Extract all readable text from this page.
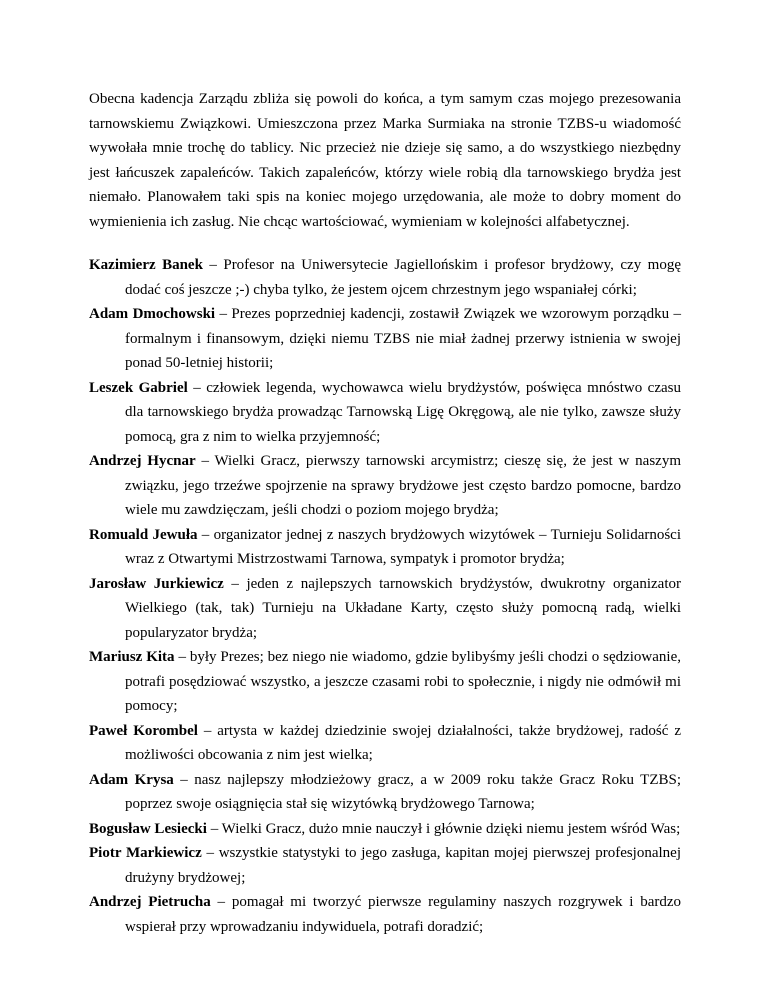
Obecna kadencja Zarządu zbliża się powoli do końca, a tym samym czas mojego prezesowania tarnowskiemu Związkowi. Umieszczona przez Marka Surmiaka na stronie TZBS-u wiadomość wywołała mnie trochę do tablicy. Nic przecież nie dzieje się samo, a do wszystkiego niezbędny jest łańcuszek zapaleńców. Takich zapaleńców, którzy wiele robią dla tarnowskiego brydża jest niemało. Planowałem taki spis na koniec mojego urzędowania, ale może to dobry moment do wymienienia ich zasług. Nie chcąc wartościować, wymieniam w kolejności alfabetycznej.

Kazimierz Banek – Profesor na Uniwersytecie Jagiellońskim i profesor brydżowy, czy mogę dodać coś jeszcze ;-) chyba tylko, że jestem ojcem chrzestnym jego wspaniałej córki;

Adam Dmochowski – Prezes poprzedniej kadencji, zostawił Związek we wzorowym porządku – formalnym i finansowym, dzięki niemu TZBS nie miał żadnej przerwy istnienia w swojej ponad 50-letniej historii;

Leszek Gabriel – człowiek legenda, wychowawca wielu brydżystów, poświęca mnóstwo czasu dla tarnowskiego brydża prowadząc Tarnowską Ligę Okręgową, ale nie tylko, zawsze służy pomocą, gra z nim to wielka przyjemność;

Andrzej Hycnar – Wielki Gracz, pierwszy tarnowski arcymistrz; cieszę się, że jest w naszym związku, jego trzeźwe spojrzenie na sprawy brydżowe jest często bardzo pomocne, bardzo wiele mu zawdzięczam, jeśli chodzi o poziom mojego brydża;

Romuald Jewuła – organizator jednej z naszych brydżowych wizytówek – Turnieju Solidarności wraz z Otwartymi Mistrzostwami Tarnowa, sympatyk i promotor brydża;

Jarosław Jurkiewicz – jeden z najlepszych tarnowskich brydżystów, dwukrotny organizator Wielkiego (tak, tak) Turnieju na Układane Karty, często służy pomocną radą, wielki popularyzator brydża;

Mariusz Kita – były Prezes; bez niego nie wiadomo, gdzie bylibyśmy jeśli chodzi o sędziowanie, potrafi posędziować wszystko, a jeszcze czasami robi to społecznie, i nigdy nie odmówił mi pomocy;

Paweł Korombel – artysta w każdej dziedzinie swojej działalności, także brydżowej, radość z możliwości obcowania z nim jest wielka;

Adam Krysa – nasz najlepszy młodzieżowy gracz, a w 2009 roku także Gracz Roku TZBS; poprzez swoje osiągnięcia stał się wizytówką brydżowego Tarnowa;

Bogusław Lesiecki – Wielki Gracz, dużo mnie nauczył i głównie dzięki niemu jestem wśród Was;

Piotr Markiewicz – wszystkie statystyki to jego zasługa, kapitan mojej pierwszej profesjonalnej drużyny brydżowej;

Andrzej Pietrucha – pomagał mi tworzyć pierwsze regulaminy naszych rozgrywek i bardzo wspierał przy wprowadzaniu indywiduela, potrafi doradzić;
